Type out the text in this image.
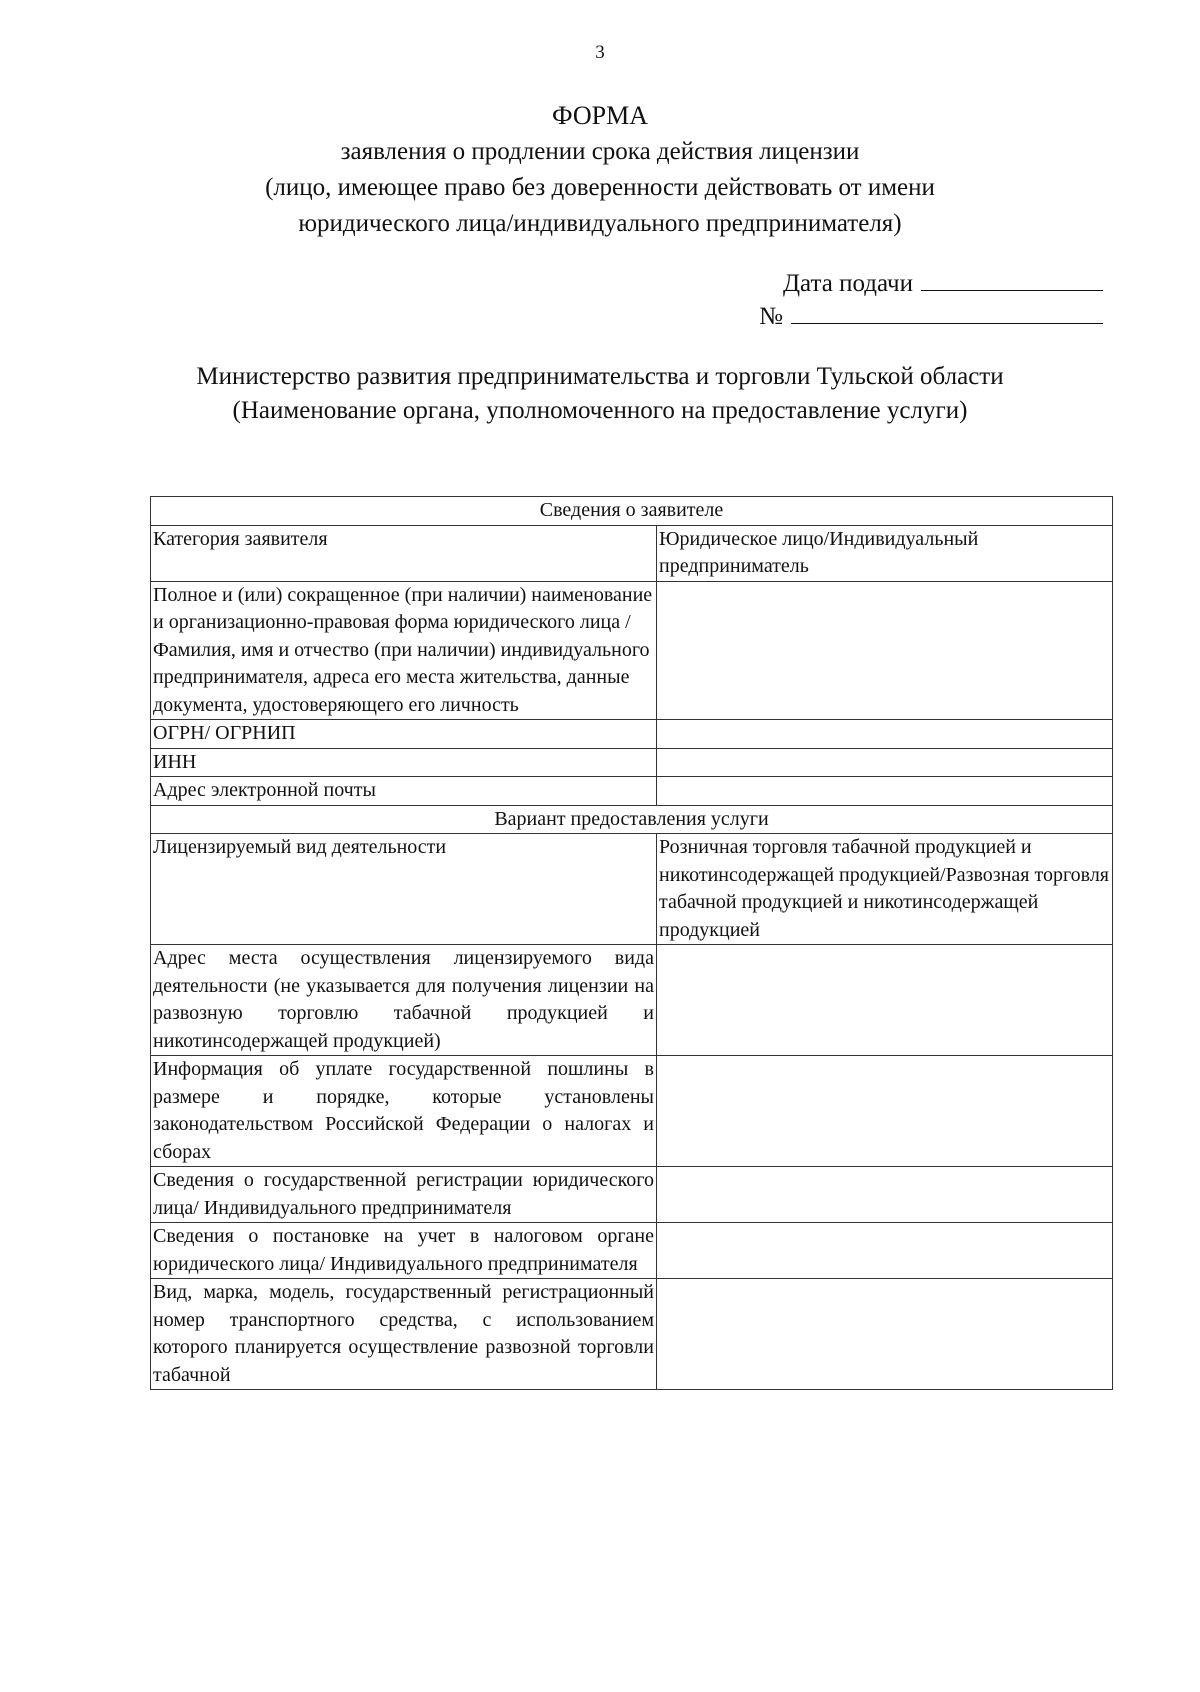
3
ФОРМА
заявления о продлении срока действия лицензии
(лицо, имеющее право без доверенности действовать от имени
юридического лица/индивидуального предпринимателя)
Дата подачи
№
Министерство развития предпринимательства и торговли Тульской области
(Наименование органа, уполномоченного на предоставление услуги)
Сведения о заявителе	
Категория заявителя	Юридическое лицо/Индивидуальный предприниматель
Полное и (или) сокращенное (при наличии) наименование и организационно-правовая форма юридического лица /Фамилия, имя и отчество (при наличии) индивидуального предпринимателя, адреса его места жительства, данные документа, удостоверяющего его личность	
ОГРН/ ОГРНИП	
ИНН	
Адрес электронной почты	
Вариант предоставления услуги	
Лицензируемый вид деятельности	Розничная торговля табачной продукцией и никотинсодержащей продукцией/Развозная торговля табачной продукцией и никотинсодержащей продукцией
Адрес места осуществления лицензируемого вида деятельности (не указывается для получения лицензии на развозную торговлю табачной продукцией и никотинсодержащей продукцией)	
Информация об уплате государственной пошлины в размере и порядке, которые установлены законодательством Российской Федерации о налогах и сборах	
Сведения о государственной регистрации юридического лица/ Индивидуального предпринимателя	
Сведения о постановке на учет в налоговом органе юридического лица/ Индивидуального предпринимателя	
Вид, марка, модель, государственный регистрационный номер транспортного средства, с использованием которого планируется осуществление развозной торговли табачной	
